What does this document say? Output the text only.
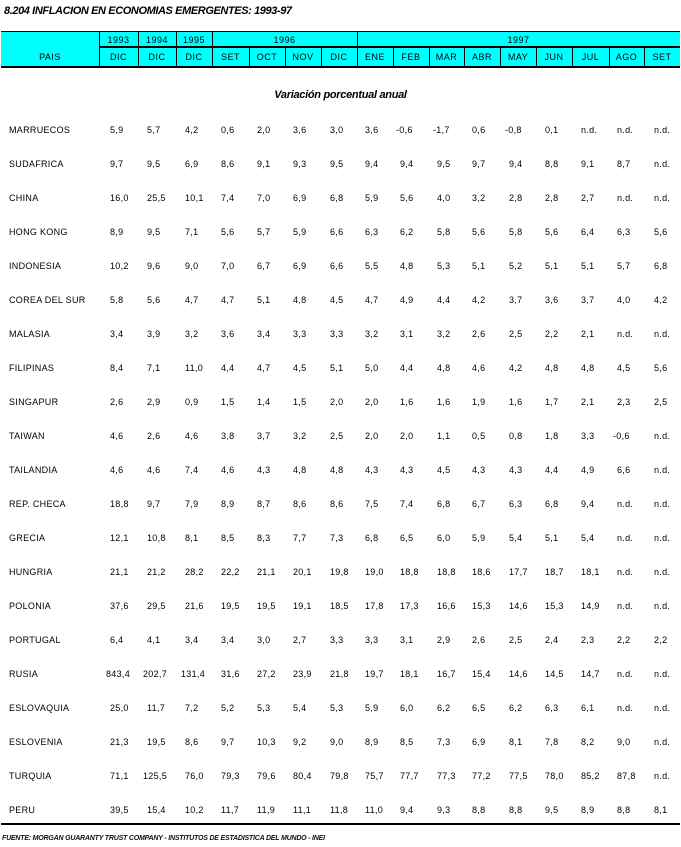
8.204 INFLACION EN ECONOMIAS EMERGENTES: 1993-97
PAIS
1993	1994	1995	1996	1997
DIC	DIC	DIC	SET	OCT	NOV	DIC	ENE	FEB	MAR	ABR	MAY	JUN	JUL	AGO	SET
Variación porcentual anual
MARRUECOS	5,9	5,7	4,2	0,6	2,0	3,6	3,0 3,6 -0,6 -1,7 0,6 -0,8	0,1	n.d. n.d. n.d.
SUDAFRICA	9,7	9,5	6,9	8,6	9,1	9,3	9,5 9,4 9,4	9,5 9,7	9,4	8,8	9,1	8,7	n.d.
CHINA	16,0 25,5 10,1 7,4	7,0	6,9	6,8 5,9 5,6	4,0 3,2	2,8	2,8	2,7	n.d. n.d.
HONG KONG	8,9	9,5	7,1	5,6	5,7	5,9	6,6 6,3 6,2	5,8 5,6	5,8	5,6	6,4	6,3	5,6
INDONESIA	10,2 9,6	9,0	7,0	6,7	6,9	6,6 5,5 4,8	5,3 5,1	5,2	5,1	5,1	5,7	6,8
COREA DEL SUR	5,8	5,6	4,7	4,7	5,1	4,8	4,5 4,7 4,9	4,4 4,2	3,7	3,6	3,7	4,0	4,2
MALASIA	3,4	3,9	3,2	3,6	3,4	3,3	3,3 3,2 3,1	3,2 2,6	2,5	2,2	2,1	n.d. n.d.
FILIPINAS	8,4	7,1	11,0 4,4	4,7	4,5	5,1 5,0 4,4	4,8 4,6	4,2	4,8	4,8	4,5	5,6
SINGAPUR	2,6	2,9	0,9	1,5	1,4	1,5	2,0 2,0 1,6	1,6 1,9	1,6	1,7	2,1	2,3	2,5
TAIWAN	4,6	2,6	4,6	3,8	3,7	3,2	2,5 2,0 2,0	1,1 0,5	0,8	1,8	3,3 -0,6	n.d.
TAILANDIA	4,6	4,6	7,4	4,6	4,3	4,8	4,8 4,3 4,3	4,5 4,3	4,3	4,4	4,9	6,6	n.d.
REP. CHECA	18,8 9,7	7,9	8,9	8,7	8,6	8,6 7,5 7,4	6,8 6,7	6,3	6,8	9,4	n.d. n.d.
GRECIA	12,1 10,8 8,1	8,5	8,3	7,7	7,3 6,8 6,5	6,0 5,9	5,4	5,1	5,4	n.d. n.d.
HUNGRIA	21,1 21,2 28,2 22,2 21,1 20,1 19,8 19,0 18,8 18,8 18,6 17,7 18,7 18,1 n.d. n.d.
POLONIA	37,6 29,5 21,6 19,5 19,5 19,1 18,5 17,8 17,3 16,6 15,3 14,6 15,3 14,9 n.d. n.d.
PORTUGAL	6,4	4,1	3,4	3,4	3,0	2,7	3,3 3,3 3,1	2,9 2,6	2,5	2,4	2,3	2,2	2,2
RUSIA	843,4 202,7 131,4 31,6 27,2 23,9 21,8 19,7 18,1 16,7 15,4 14,6 14,5 14,7 n.d. n.d.
ESLOVAQUIA	25,0 11,7 7,2	5,2	5,3	5,4	5,3 5,9 6,0	6,2 6,5	6,2	6,3	6,1	n.d. n.d.
ESLOVENIA	21,3 19,5 8,6	9,7	10,3 9,2	9,0 8,9 8,5	7,3 6,9	8,1	7,8	8,2	9,0	n.d.
TURQUIA	71,1 125,5 76,0 79,3 79,6 80,4 79,8 75,7 77,7 77,3 77,2 77,5 78,0 85,2 87,8 n.d.
PERU	39,5 15,4 10,2 11,7 11,9 11,1 11,8 11,0 9,4	9,3 8,8	8,8	9,5	8,9	8,8	8,1
FUENTE: MORGAN GUARANTY TRUST COMPANY - INSTITUTOS DE ESTADISTICA DEL MUNDO - INEI
